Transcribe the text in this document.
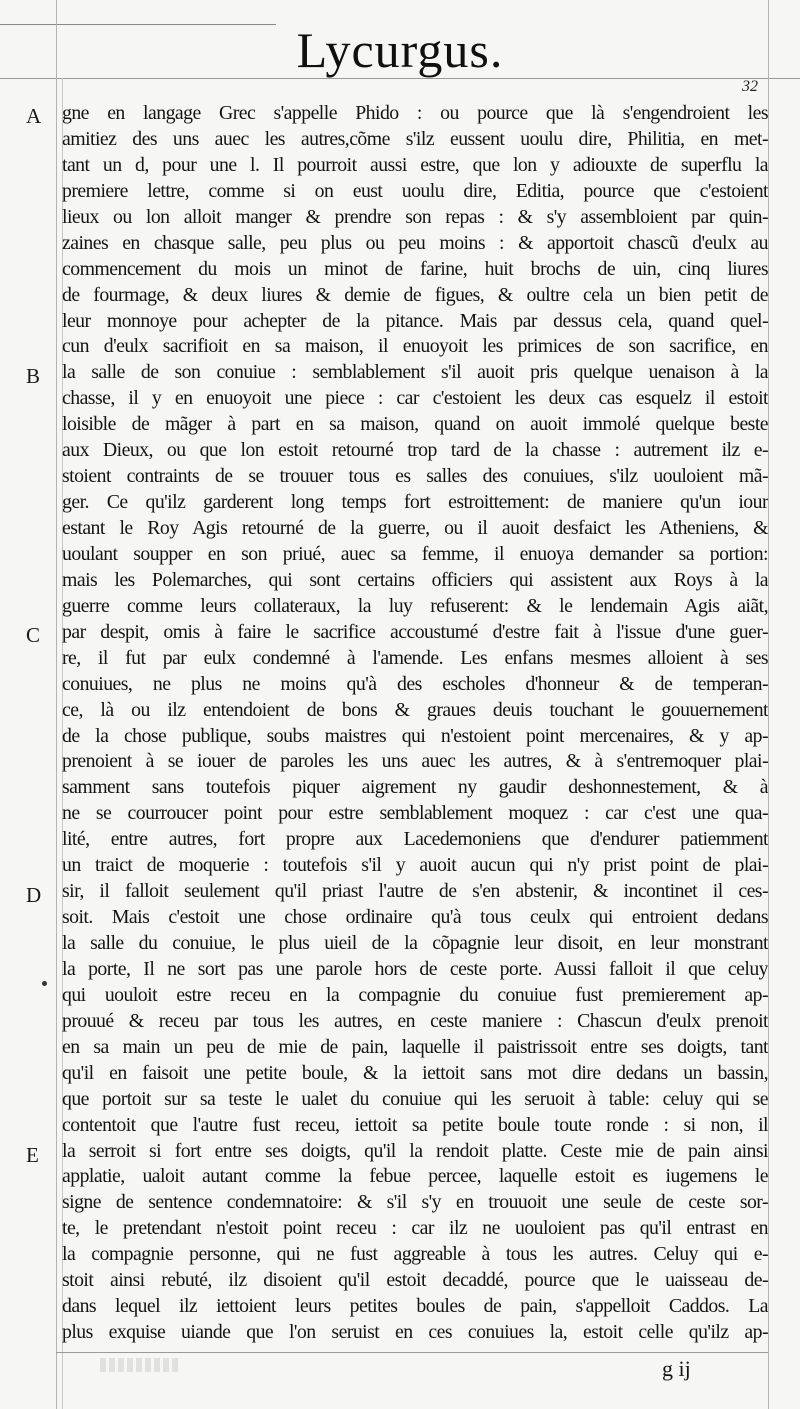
Lycurgus.
32
A
B
C
D
E
gne en langage Grec s'appelle Phido : ou pource que là s'engendroient les
amitiez des uns auec les autres,cõme s'ilz eussent uoulu dire, Philitia, en met-
tant un d, pour une l. Il pourroit aussi estre, que lon y adiouxte de superflu la
premiere lettre, comme si on eust uoulu dire, Editia, pource que c'estoient
lieux ou lon alloit manger & prendre son repas : & s'y assembloient par quin-
zaines en chasque salle, peu plus ou peu moins : & apportoit chascũ d'eulx au
commencement du mois un minot de farine, huit brochs de uin, cinq liures
de fourmage, & deux liures & demie de figues, & oultre cela un bien petit de
leur monnoye pour achepter de la pitance. Mais par dessus cela, quand quel-
cun d'eulx sacrifioit en sa maison, il enuoyoit les primices de son sacrifice, en
la salle de son conuiue : semblablement s'il auoit pris quelque uenaison à la
chasse, il y en enuoyoit une piece : car c'estoient les deux cas esquelz il estoit
loisible de mãger à part en sa maison, quand on auoit immolé quelque beste
aux Dieux, ou que lon estoit retourné trop tard de la chasse : autrement ilz e-
stoient contraints de se trouuer tous es salles des conuiues, s'ilz uouloient mã-
ger. Ce qu'ilz garderent long temps fort estroittement: de maniere qu'un iour
estant le Roy Agis retourné de la guerre, ou il auoit desfaict les Atheniens, &
uoulant soupper en son priué, auec sa femme, il enuoya demander sa portion:
mais les Polemarches, qui sont certains officiers qui assistent aux Roys à la
guerre comme leurs collateraux, la luy refuserent: & le lendemain Agis aiãt,
par despit, omis à faire le sacrifice accoustumé d'estre fait à l'issue d'une guer-
re, il fut par eulx condemné à l'amende. Les enfans mesmes alloient à ses
conuiues, ne plus ne moins qu'à des escholes d'honneur & de temperan-
ce, là ou ilz entendoient de bons & graues deuis touchant le gouuernement
de la chose publique, soubs maistres qui n'estoient point mercenaires, & y ap-
prenoient à se iouer de paroles les uns auec les autres, & à s'entremoquer plai-
samment sans toutefois piquer aigrement ny gaudir deshonnestement, & à
ne se courroucer point pour estre semblablement moquez : car c'est une qua-
lité, entre autres, fort propre aux Lacedemoniens que d'endurer patiemment
un traict de moquerie : toutefois s'il y auoit aucun qui n'y prist point de plai-
sir, il falloit seulement qu'il priast l'autre de s'en abstenir, & incontinet il ces-
soit. Mais c'estoit une chose ordinaire qu'à tous ceulx qui entroient dedans
la salle du conuiue, le plus uieil de la cõpagnie leur disoit, en leur monstrant
la porte, Il ne sort pas une parole hors de ceste porte. Aussi falloit il que celuy
qui uouloit estre receu en la compagnie du conuiue fust premierement ap-
prouué & receu par tous les autres, en ceste maniere : Chascun d'eulx prenoit
en sa main un peu de mie de pain, laquelle il paistrissoit entre ses doigts, tant
qu'il en faisoit une petite boule, & la iettoit sans mot dire dedans un bassin,
que portoit sur sa teste le ualet du conuiue qui les seruoit à table: celuy qui se
contentoit que l'autre fust receu, iettoit sa petite boule toute ronde : si non, il
la serroit si fort entre ses doigts, qu'il la rendoit platte. Ceste mie de pain ainsi
applatie, ualoit autant comme la febue percee, laquelle estoit es iugemens le
signe de sentence condemnatoire: & s'il s'y en trouuoit une seule de ceste sor-
te, le pretendant n'estoit point receu : car ilz ne uouloient pas qu'il entrast en
la compagnie personne, qui ne fust aggreable à tous les autres. Celuy qui e-
stoit ainsi rebuté, ilz disoient qu'il estoit decaddé, pource que le uaisseau de-
dans lequel ilz iettoient leurs petites boules de pain, s'appelloit Caddos. La
plus exquise uiande que l'on seruist en ces conuiues la, estoit celle qu'ilz ap-
g ij
